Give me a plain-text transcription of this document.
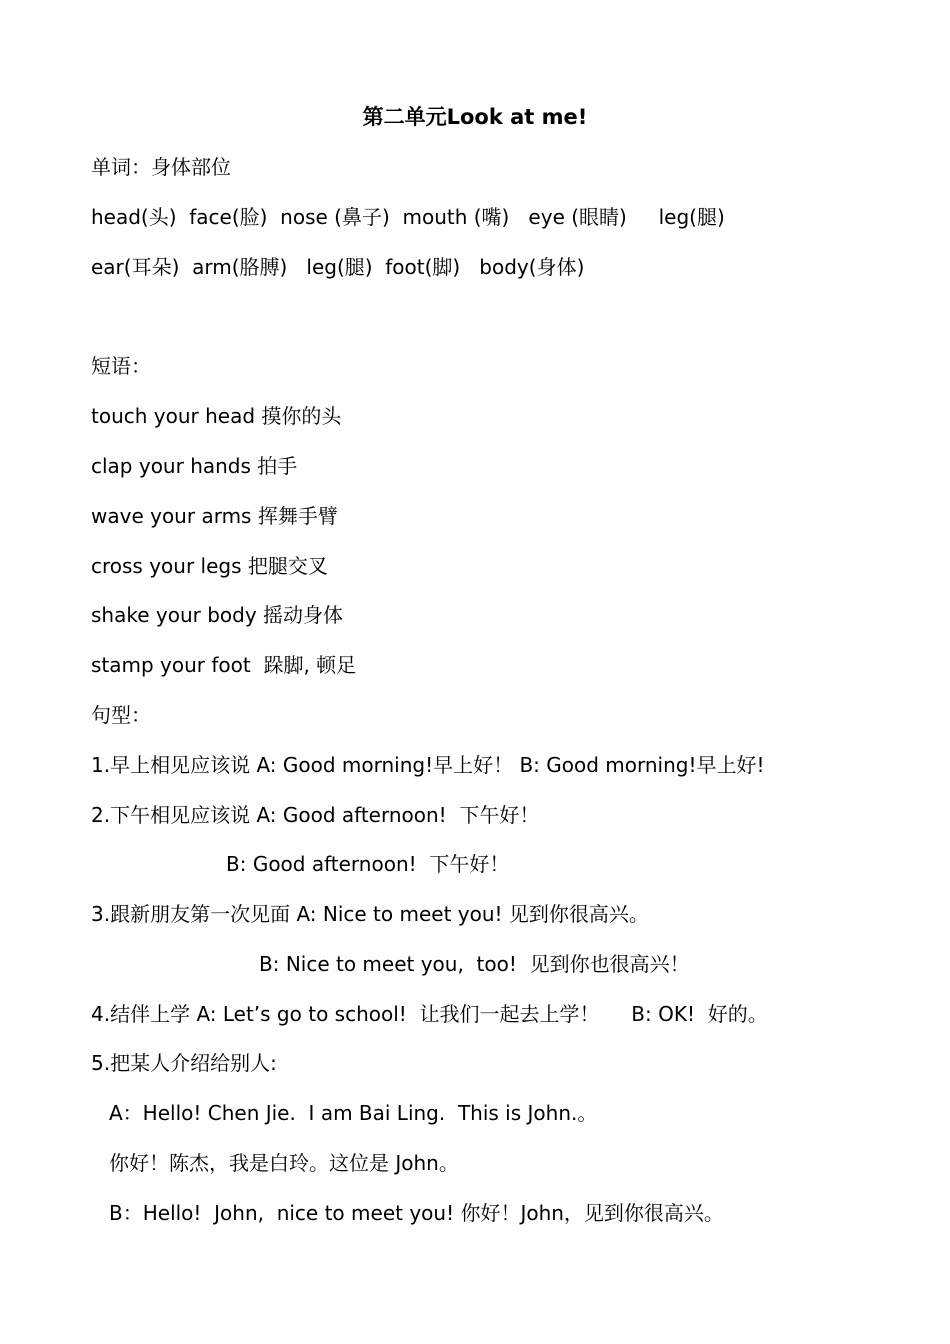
第二单元Look at me!

单词：身体部位

head(头)  face(脸)  nose (鼻子)  mouth (嘴)   eye (眼睛)     leg(腿)

ear(耳朵)  arm(胳膊)   leg(腿)  foot(脚)   body(身体)

短语：

touch your head 摸你的头

clap your hands 拍手

wave your arms 挥舞手臂

cross your legs 把腿交叉

shake your body 摇动身体

stamp your foot  跺脚, 顿足

句型：

1.早上相见应该说 A: Good morning!早上好！ B: Good morning!早上好!

2.下午相见应该说 A: Good afternoon!  下午好！

B: Good afternoon!  下午好！

3.跟新朋友第一次见面 A: Nice to meet you! 见到你很高兴。

B: Nice to meet you,  too!  见到你也很高兴！

4.结伴上学 A: Let’s go to school!  让我们一起去上学！     B: OK!  好的。

5.把某人介绍给别人:

A：Hello! Chen Jie.  I am Bai Ling.  This is John.。

你好！陈杰，我是白玲。这位是 John。

B：Hello!  John,  nice to meet you! 你好！John，见到你很高兴。
